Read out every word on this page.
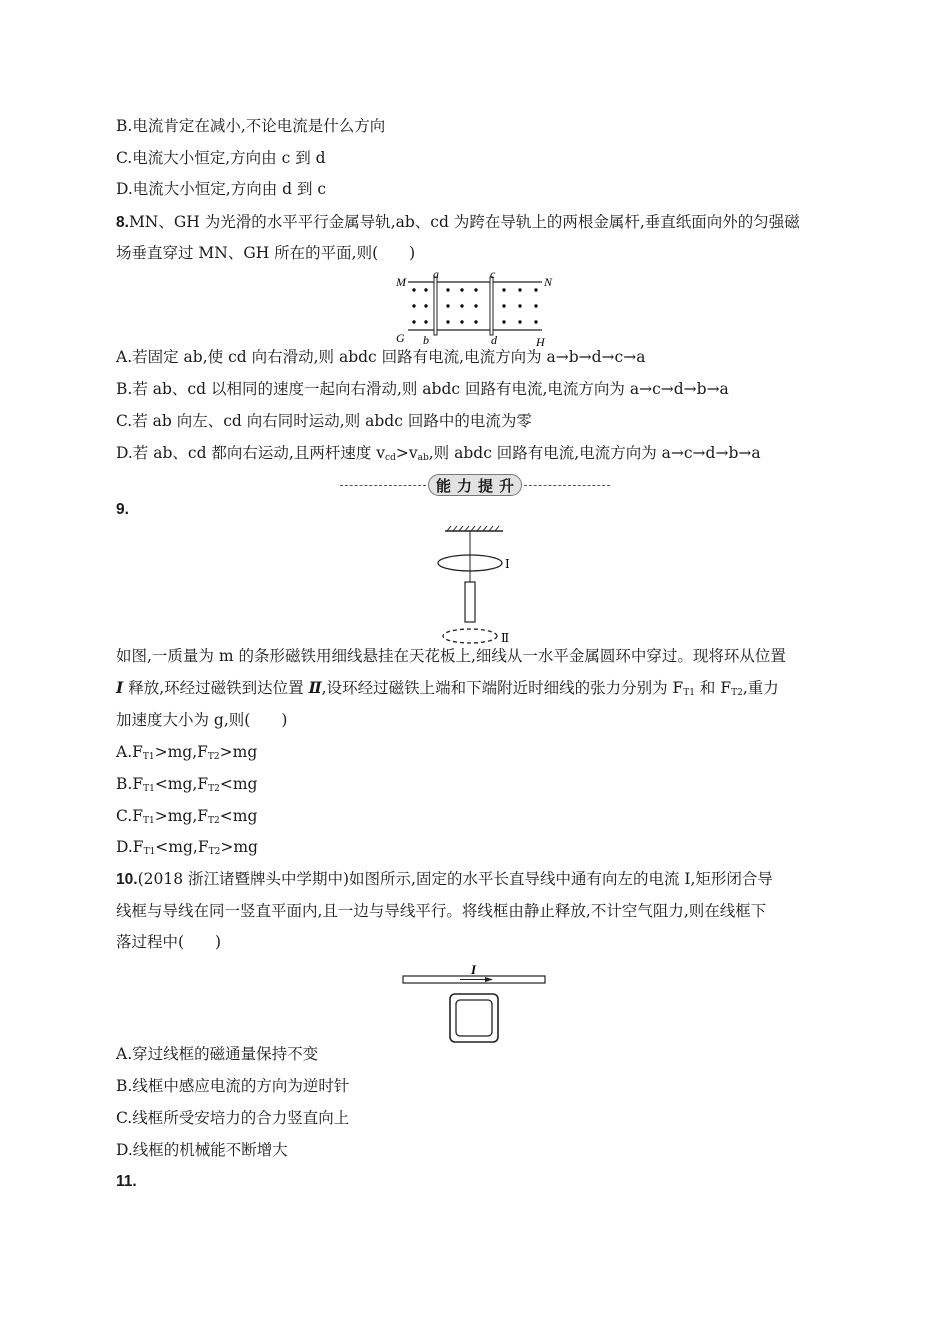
B.电流肯定在减小,不论电流是什么方向
C.电流大小恒定,方向由 c 到 d
D.电流大小恒定,方向由 d 到 c
8.MN、GH 为光滑的水平平行金属导轨,ab、cd 为跨在导轨上的两根金属杆,垂直纸面向外的匀强磁
场垂直穿过 MN、GH 所在的平面,则(　　)
M	N
G	H
a
b
c
d
A.若固定 ab,使 cd 向右滑动,则 abdc 回路有电流,电流方向为 a→b→d→c→a
B.若 ab、cd 以相同的速度一起向右滑动,则 abdc 回路有电流,电流方向为 a→c→d→b→a
C.若 ab 向左、cd 向右同时运动,则 abdc 回路中的电流为零
D.若 ab、cd 都向右运动,且两杆速度 $v_{cd}>v_{ab}$,则 abdc 回路有电流,电流方向为 a→c→d→b→a
能力提升
9.
Ⅰ
Ⅱ
如图,一质量为 m 的条形磁铁用细线悬挂在天花板上,细线从一水平金属圆环中穿过。现将环从位置
Ⅰ 释放,环经过磁铁到达位置 Ⅱ,设环经过磁铁上端和下端附近时细线的张力分别为 $F_{T1}$ 和 $F_{T2}$,重力
加速度大小为 g,则(　　)
$A.F_{T1}>mg,F_{T2}>mg$
$B.F_{T1}<mg,F_{T2}<mg$
$C.F_{T1}>mg,F_{T2}<mg$
$D.F_{T1}<mg,F_{T2}>mg$
10.(2018 浙江诸暨牌头中学期中)如图所示,固定的水平长直导线中通有向左的电流 I,矩形闭合导
线框与导线在同一竖直平面内,且一边与导线平行。将线框由静止释放,不计空气阻力,则在线框下
落过程中(　　)
I
A.穿过线框的磁通量保持不变
B.线框中感应电流的方向为逆时针
C.线框所受安培力的合力竖直向上
D.线框的机械能不断增大
11.
